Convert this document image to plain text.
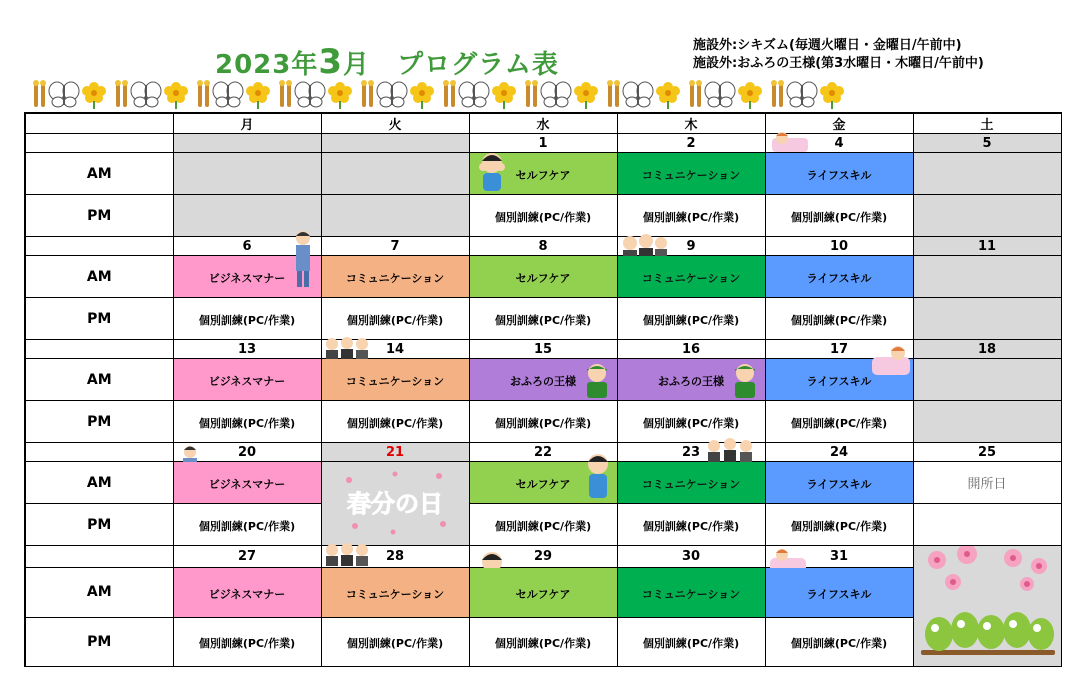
2023年3月　 プログラム表
施設外:シキズム(毎週火曜日・金曜日/午前中)
施設外:おふろの王様(第3水曜日・木曜日/午前中)
	月	火	水	木	金	土
			1	2	4	5
AM			セルフケア	コミュニケーション	ライフスキル	
PM			個別訓練(PC/作業)	個別訓練(PC/作業)	個別訓練(PC/作業)	
	6	7	8	9	10	11
AM	ビジネスマナー	コミュニケーション	セルフケア	コミュニケーション	ライフスキル	
PM	個別訓練(PC/作業)	個別訓練(PC/作業)	個別訓練(PC/作業)	個別訓練(PC/作業)	個別訓練(PC/作業)	
	13	14	15	16	17	18
AM	ビジネスマナー	コミュニケーション	おふろの王様	おふろの王様	ライフスキル

PM	個別訓練(PC/作業)	個別訓練(PC/作業)	個別訓練(PC/作業)	個別訓練(PC/作業)	個別訓練(PC/作業)	
	20	21	22	23	24	25
AM	ビジネスマナー	春分の日	セルフケア	コミュニケーション	ライフスキル	開所日
PM	個別訓練(PC/作業)		個別訓練(PC/作業)	個別訓練(PC/作業)	個別訓練(PC/作業)	
	27	28	29	30	31

AM	ビジネスマナー	コミュニケーション	セルフケア	コミュニケーション	ライフスキル	
PM	個別訓練(PC/作業)	個別訓練(PC/作業)	個別訓練(PC/作業)	個別訓練(PC/作業)	個別訓練(PC/作業)	
